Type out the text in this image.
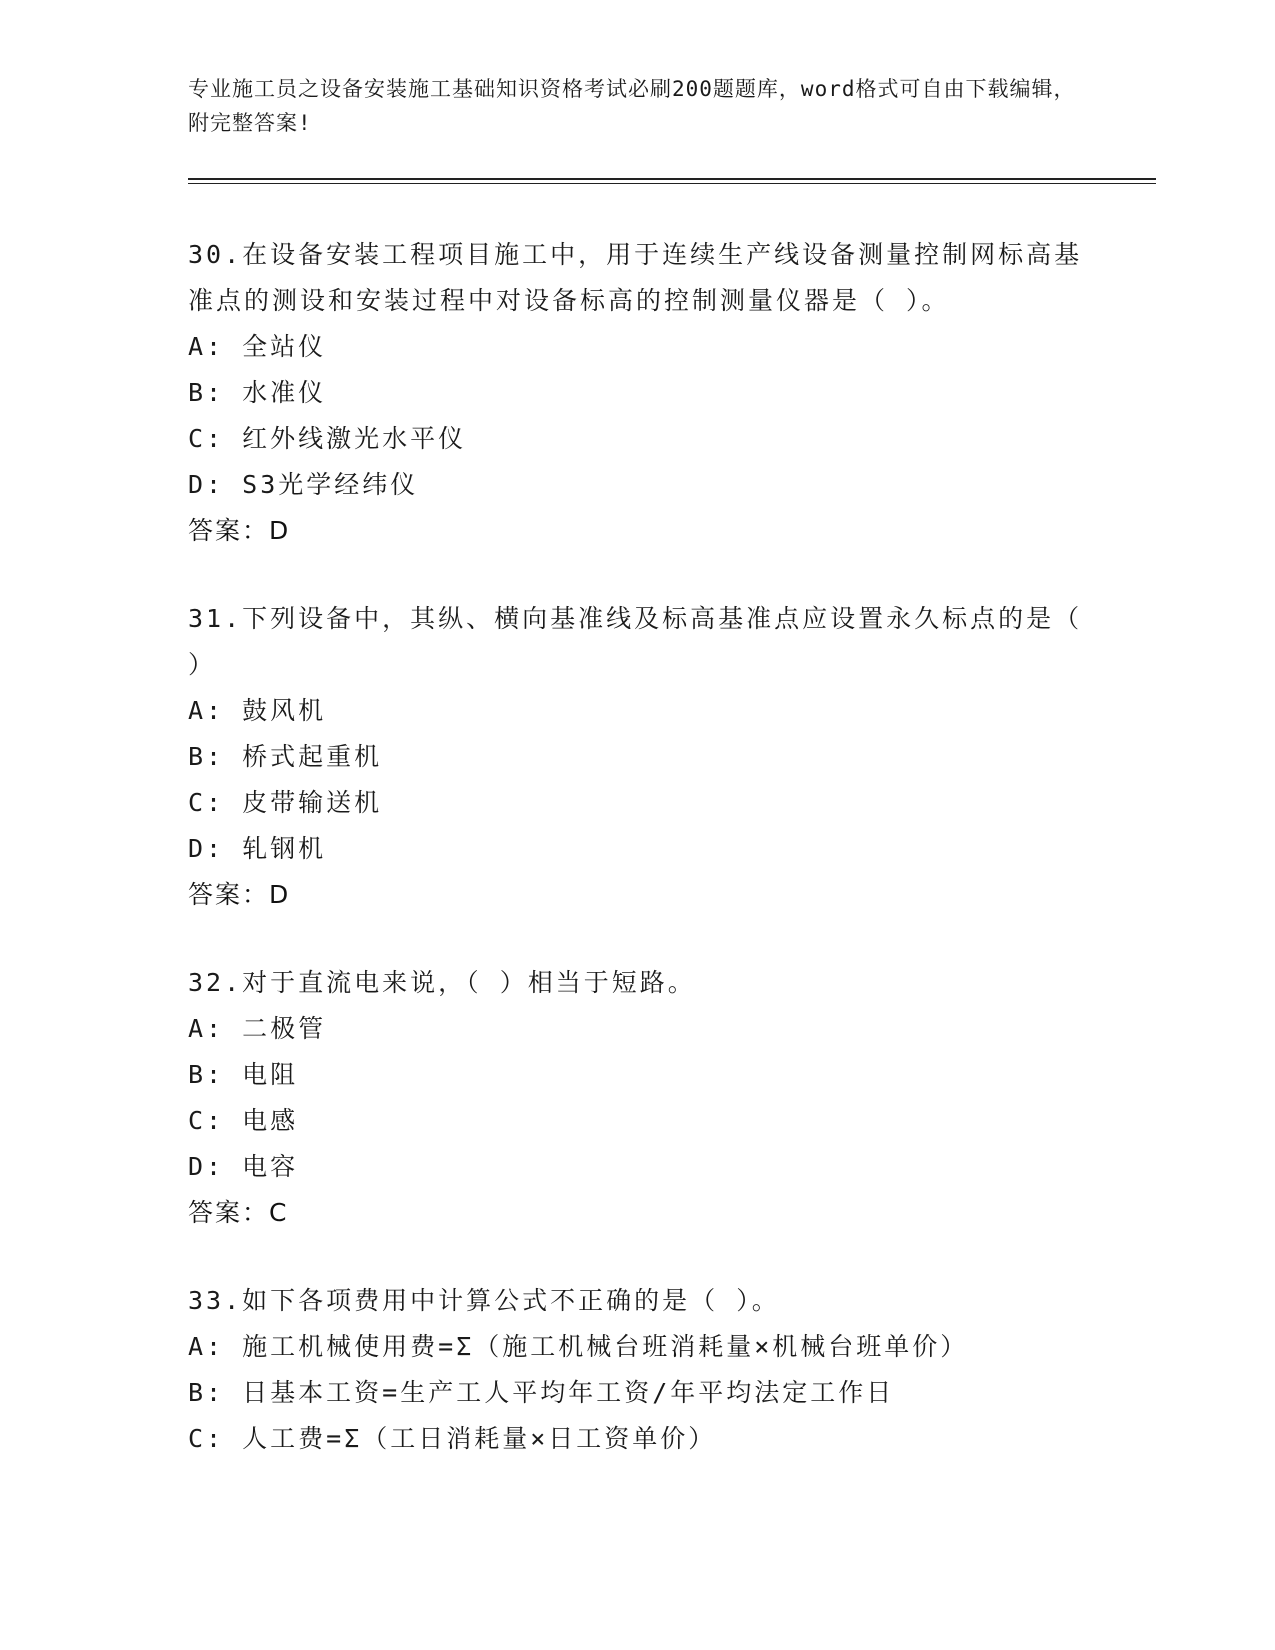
专业施工员之设备安装施工基础知识资格考试必刷200题题库，word格式可自由下载编辑，附完整答案!
30.在设备安装工程项目施工中，用于连续生产线设备测量控制网标高基准点的测设和安装过程中对设备标高的控制测量仪器是（ ）。
A: 全站仪
B: 水准仪
C: 红外线激光水平仪
D: S3光学经纬仪
答案：D
31.下列设备中，其纵、横向基准线及标高基准点应设置永久标点的是（ ）
A: 鼓风机
B: 桥式起重机
C: 皮带输送机
D: 轧钢机
答案：D
32.对于直流电来说，（ ）相当于短路。
A: 二极管
B: 电阻
C: 电感
D: 电容
答案：C
33.如下各项费用中计算公式不正确的是（ ）。
A: 施工机械使用费=Σ（施工机械台班消耗量×机械台班单价）
B: 日基本工资=生产工人平均年工资/年平均法定工作日
C: 人工费=Σ（工日消耗量×日工资单价）
